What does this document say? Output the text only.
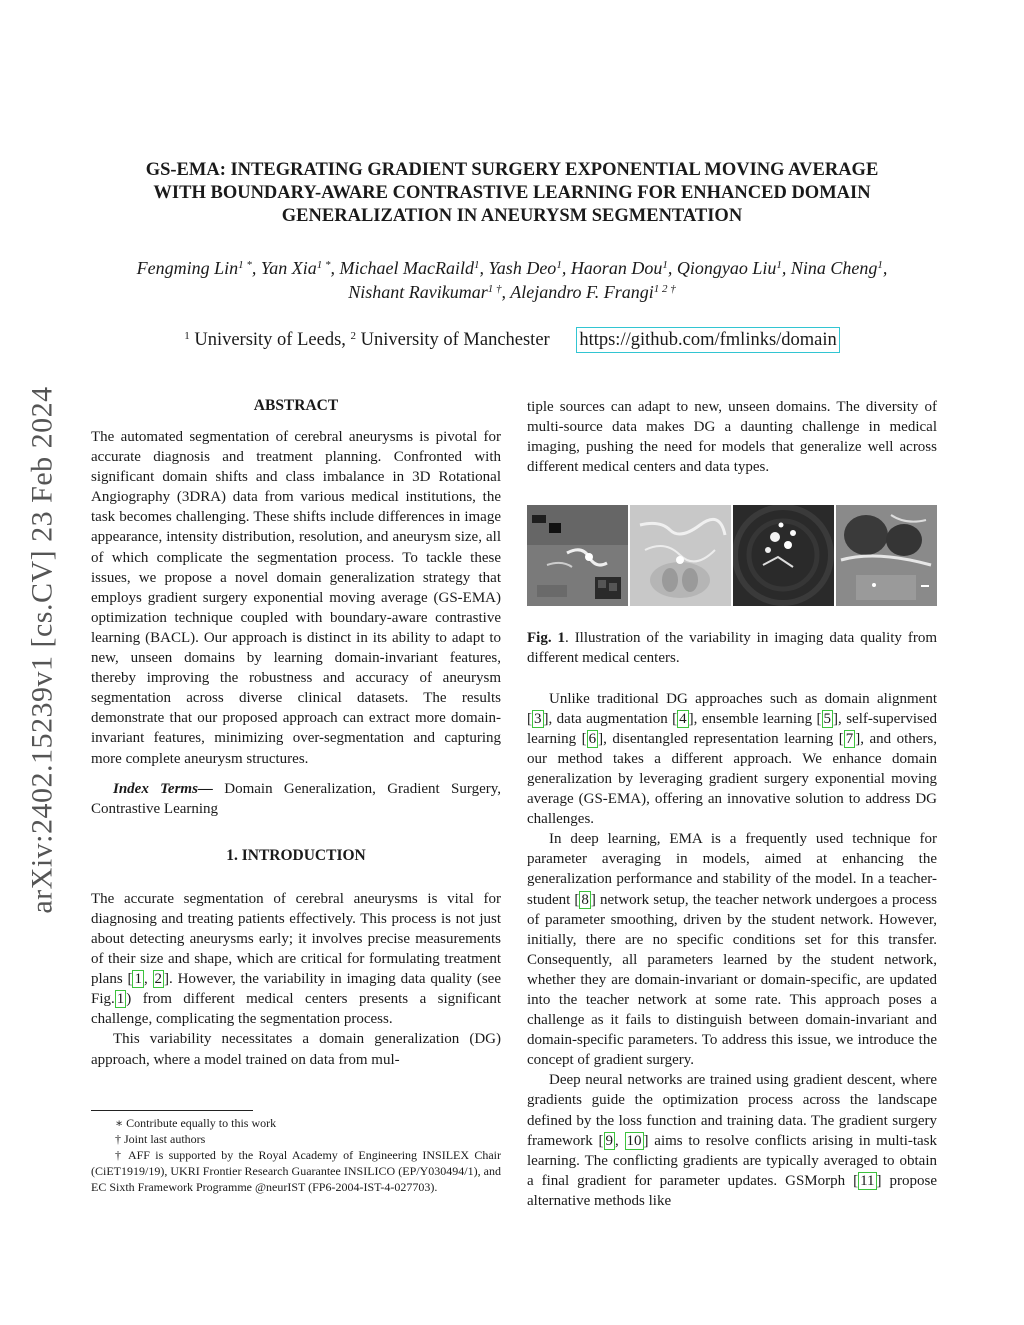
arXiv:2402.15239v1 [cs.CV] 23 Feb 2024
GS-EMA: INTEGRATING GRADIENT SURGERY EXPONENTIAL MOVING AVERAGE
WITH BOUNDARY-AWARE CONTRASTIVE LEARNING FOR ENHANCED DOMAIN
GENERALIZATION IN ANEURYSM SEGMENTATION
Fengming Lin$^{1 *}$, Yan Xia$^{1 *}$, Michael MacRaild$^1$, Yash Deo$^1$, Haoran Dou$^1$, Qiongyao Liu$^1$, Nina Cheng$^1$,
Nishant Ravikumar$^{1 \dagger}$, Alejandro F. Frangi$^{1 2 \dagger}$
$^1$ University of Leeds, $^2$ University of Manchester https://github.com/fmlinks/domain
ABSTRACT

The automated segmentation of cerebral aneurysms is pivotal for accurate diagnosis and treatment planning. Confronted with significant domain shifts and class imbalance in 3D Rotational Angiography (3DRA) data from various medical institutions, the task becomes challenging. These shifts include differences in image appearance, intensity distribution, resolution, and aneurysm size, all of which complicate the segmentation process. To tackle these issues, we propose a novel domain generalization strategy that employs gradient surgery exponential moving average (GS-EMA) optimization technique coupled with boundary-aware contrastive learning (BACL). Our approach is distinct in its ability to adapt to new, unseen domains by learning domain-invariant features, thereby improving the robustness and accuracy of aneurysm segmentation across diverse clinical datasets. The results demonstrate that our proposed approach can extract more domain-invariant features, minimizing over-segmentation and capturing more complete aneurysm structures.

Index Terms— Domain Generalization, Gradient Surgery, Contrastive Learning

1. INTRODUCTION

The accurate segmentation of cerebral aneurysms is vital for diagnosing and treating patients effectively. This process is not just about detecting aneurysms early; it involves precise measurements of their size and shape, which are critical for formulating treatment plans [ 1 , 2 ]. However, the variability in imaging data quality (see Fig. 1 ) from different medical centers presents a significant challenge, complicating the segmentation process.

This variability necessitates a domain generalization (DG) approach, where a model trained on data from mul-

tiple sources can adapt to new, unseen domains. The diversity of multi-source data makes DG a daunting challenge in medical imaging, pushing the need for models that generalize well across different medical centers and data types.

Fig. 1. Illustration of the variability in imaging data quality from different medical centers.

Unlike traditional DG approaches such as domain alignment [ 3 ], data augmentation [ 4 ], ensemble learning [ 5 ], self-supervised learning [ 6 ], disentangled representation learning [ 7 ], and others, our method takes a different approach. We enhance domain generalization by leveraging gradient surgery exponential moving average (GS-EMA), offering an innovative solution to address DG challenges.

In deep learning, EMA is a frequently used technique for parameter averaging in models, aimed at enhancing the generalization performance and stability of the model. In a teacher-student [ 8 ] network setup, the teacher network undergoes a process of parameter smoothing, driven by the student network. However, initially, there are no specific conditions set for this transfer. Consequently, all parameters learned by the student network, whether they are domain-invariant or domain-specific, are updated into the teacher network at some rate. This approach poses a challenge as it fails to distinguish between domain-invariant and domain-specific parameters. To address this issue, we introduce the concept of gradient surgery.

Deep neural networks are trained using gradient descent, where gradients guide the optimization process across the landscape defined by the loss function and training data. The gradient surgery framework [ 9 , 10 ] aims to resolve conflicts arising in multi-task learning. The conflicting gradients are typically averaged to obtain a final gradient for parameter updates. GSMorph [ 11 ] propose alternative methods like

∗ Contribute equally to this work

† Joint last authors

† AFF is supported by the Royal Academy of Engineering INSILEX Chair (CiET1919/19), UKRI Frontier Research Guarantee INSILICO (EP/Y030494/1), and EC Sixth Framework Programme @neurIST (FP6-2004-IST-4-027703).
